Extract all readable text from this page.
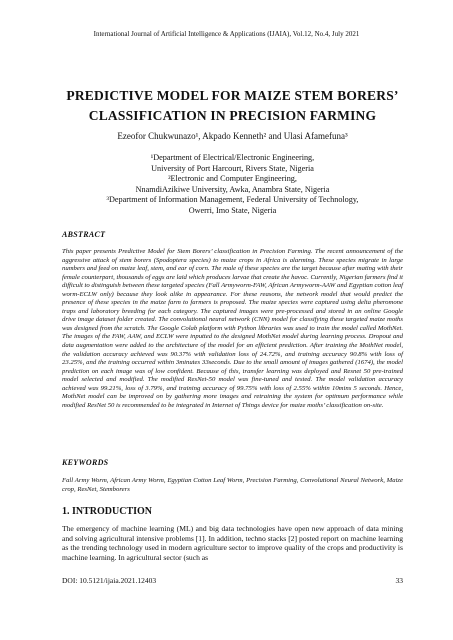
International Journal of Artificial Intelligence & Applications (IJAIA), Vol.12, No.4, July 2021
PREDICTIVE MODEL FOR MAIZE STEM BORERS’
CLASSIFICATION IN PRECISION FARMING
Ezeofor Chukwunazo¹, Akpado Kenneth² and Ulasi Afamefuna³
¹Department of Electrical/Electronic Engineering,
University of Port Harcourt, Rivers State, Nigeria
²Electronic and Computer Engineering,
NnamdiAzikiwe University, Awka, Anambra State, Nigeria
³Department of Information Management, Federal University of Technology,
Owerri, Imo State, Nigeria
ABSTRACT

This paper presents Predictive Model for Stem Borers’ classification in Precision Farming. The recent announcement of the aggressive attack of stem borers (Spodoptera species) to maize crops in Africa is alarming. These species migrate in large numbers and feed on maize leaf, stem, and ear of corn. The male of these species are the target because after mating with their female counterpart, thousands of eggs are laid which produces larvae that create the havoc. Currently, Nigerian farmers find it difficult to distinguish between these targeted species (Fall Armyworm-FAW, African Armyworm-AAW and Egyptian cotton leaf worm-ECLW only) because they look alike in appearance. For these reasons, the network model that would predict the presence of these species in the maize farm to farmers is proposed. The maize species were captured using delta pheromone traps and laboratory breeding for each category. The captured images were pre-processed and stored in an online Google drive image dataset folder created. The convolutional neural network (CNN) model for classifying these targeted maize moths was designed from the scratch. The Google Colab platform with Python libraries was used to train the model called MothNet. The images of the FAW, AAW, and ECLW were inputted to the designed MothNet model during learning process. Dropout and data augmentation were added to the architecture of the model for an efficient prediction. After training the MothNet model, the validation accuracy achieved was 90.37% with validation loss of 24.72%, and training accuracy 90.8% with loss of 23.25%, and the training occurred within 3minutes 33seconds. Due to the small amount of images gathered (1674), the model prediction on each image was of low confident. Because of this, transfer learning was deployed and Resnet 50 pre-trained model selected and modified. The modified ResNet-50 model was fine-tuned and tested. The model validation accuracy achieved was 99.21%, loss of 3.79%, and training accuracy of 99.75% with loss of 2.55% within 10mins 5 seconds. Hence, MothNet model can be improved on by gathering more images and retraining the system for optimum performance while modified ResNet 50 is recommended to be integrated in Internet of Things device for maize moths’ classification on-site.

KEYWORDS

Fall Army Worm, African Army Worm, Egyptian Cotton Leaf Worm, Precision Farming, Convolutional Neural Network, Maize crop, ResNet, Stemborers

1. INTRODUCTION

The emergency of machine learning (ML) and big data technologies have open new approach of data mining and solving agricultural intensive problems [1]. In addition, techno stacks [2] posted report on machine learning as the trending technology used in modern agriculture sector to improve quality of the crops and productivity is machine learning. In agricultural sector (such as

DOI: 10.5121/ijaia.2021.12403	33
